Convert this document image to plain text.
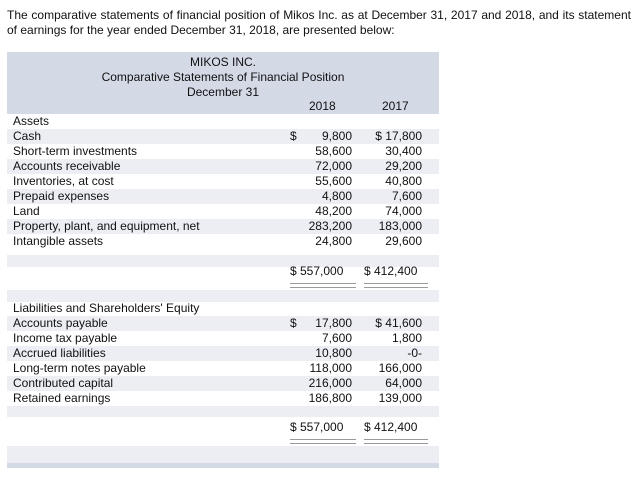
The comparative statements of financial position of Mikos Inc. as at December 31, 2017 and 2018, and its statement of earnings for the year ended December 31, 2018, are presented below:
MIKOS INC.
Comparative Statements of Financial Position
December 31
2018	2017
Assets
Cash	$ 9,800 $ 17,800
Short-term investments	58,600	30,400
Accounts receivable	72,000	29,200
Inventories, at cost	55,600	40,800
Prepaid expenses	4,800	7,600
Land	48,200	74,000
Property, plant, and equipment, net	283,200 183,000
Intangible assets	24,800	29,600
$ 557,000 $ 412,400
Liabilities and Shareholders' Equity
Accounts payable	$ 17,800 $ 41,600
Income tax payable	7,600	1,800
Accrued liabilities	10,800	-0-
Long-term notes payable	118,000 166,000
Contributed capital	216,000	64,000
Retained earnings	186,800 139,000
$ 557,000 $ 412,400
